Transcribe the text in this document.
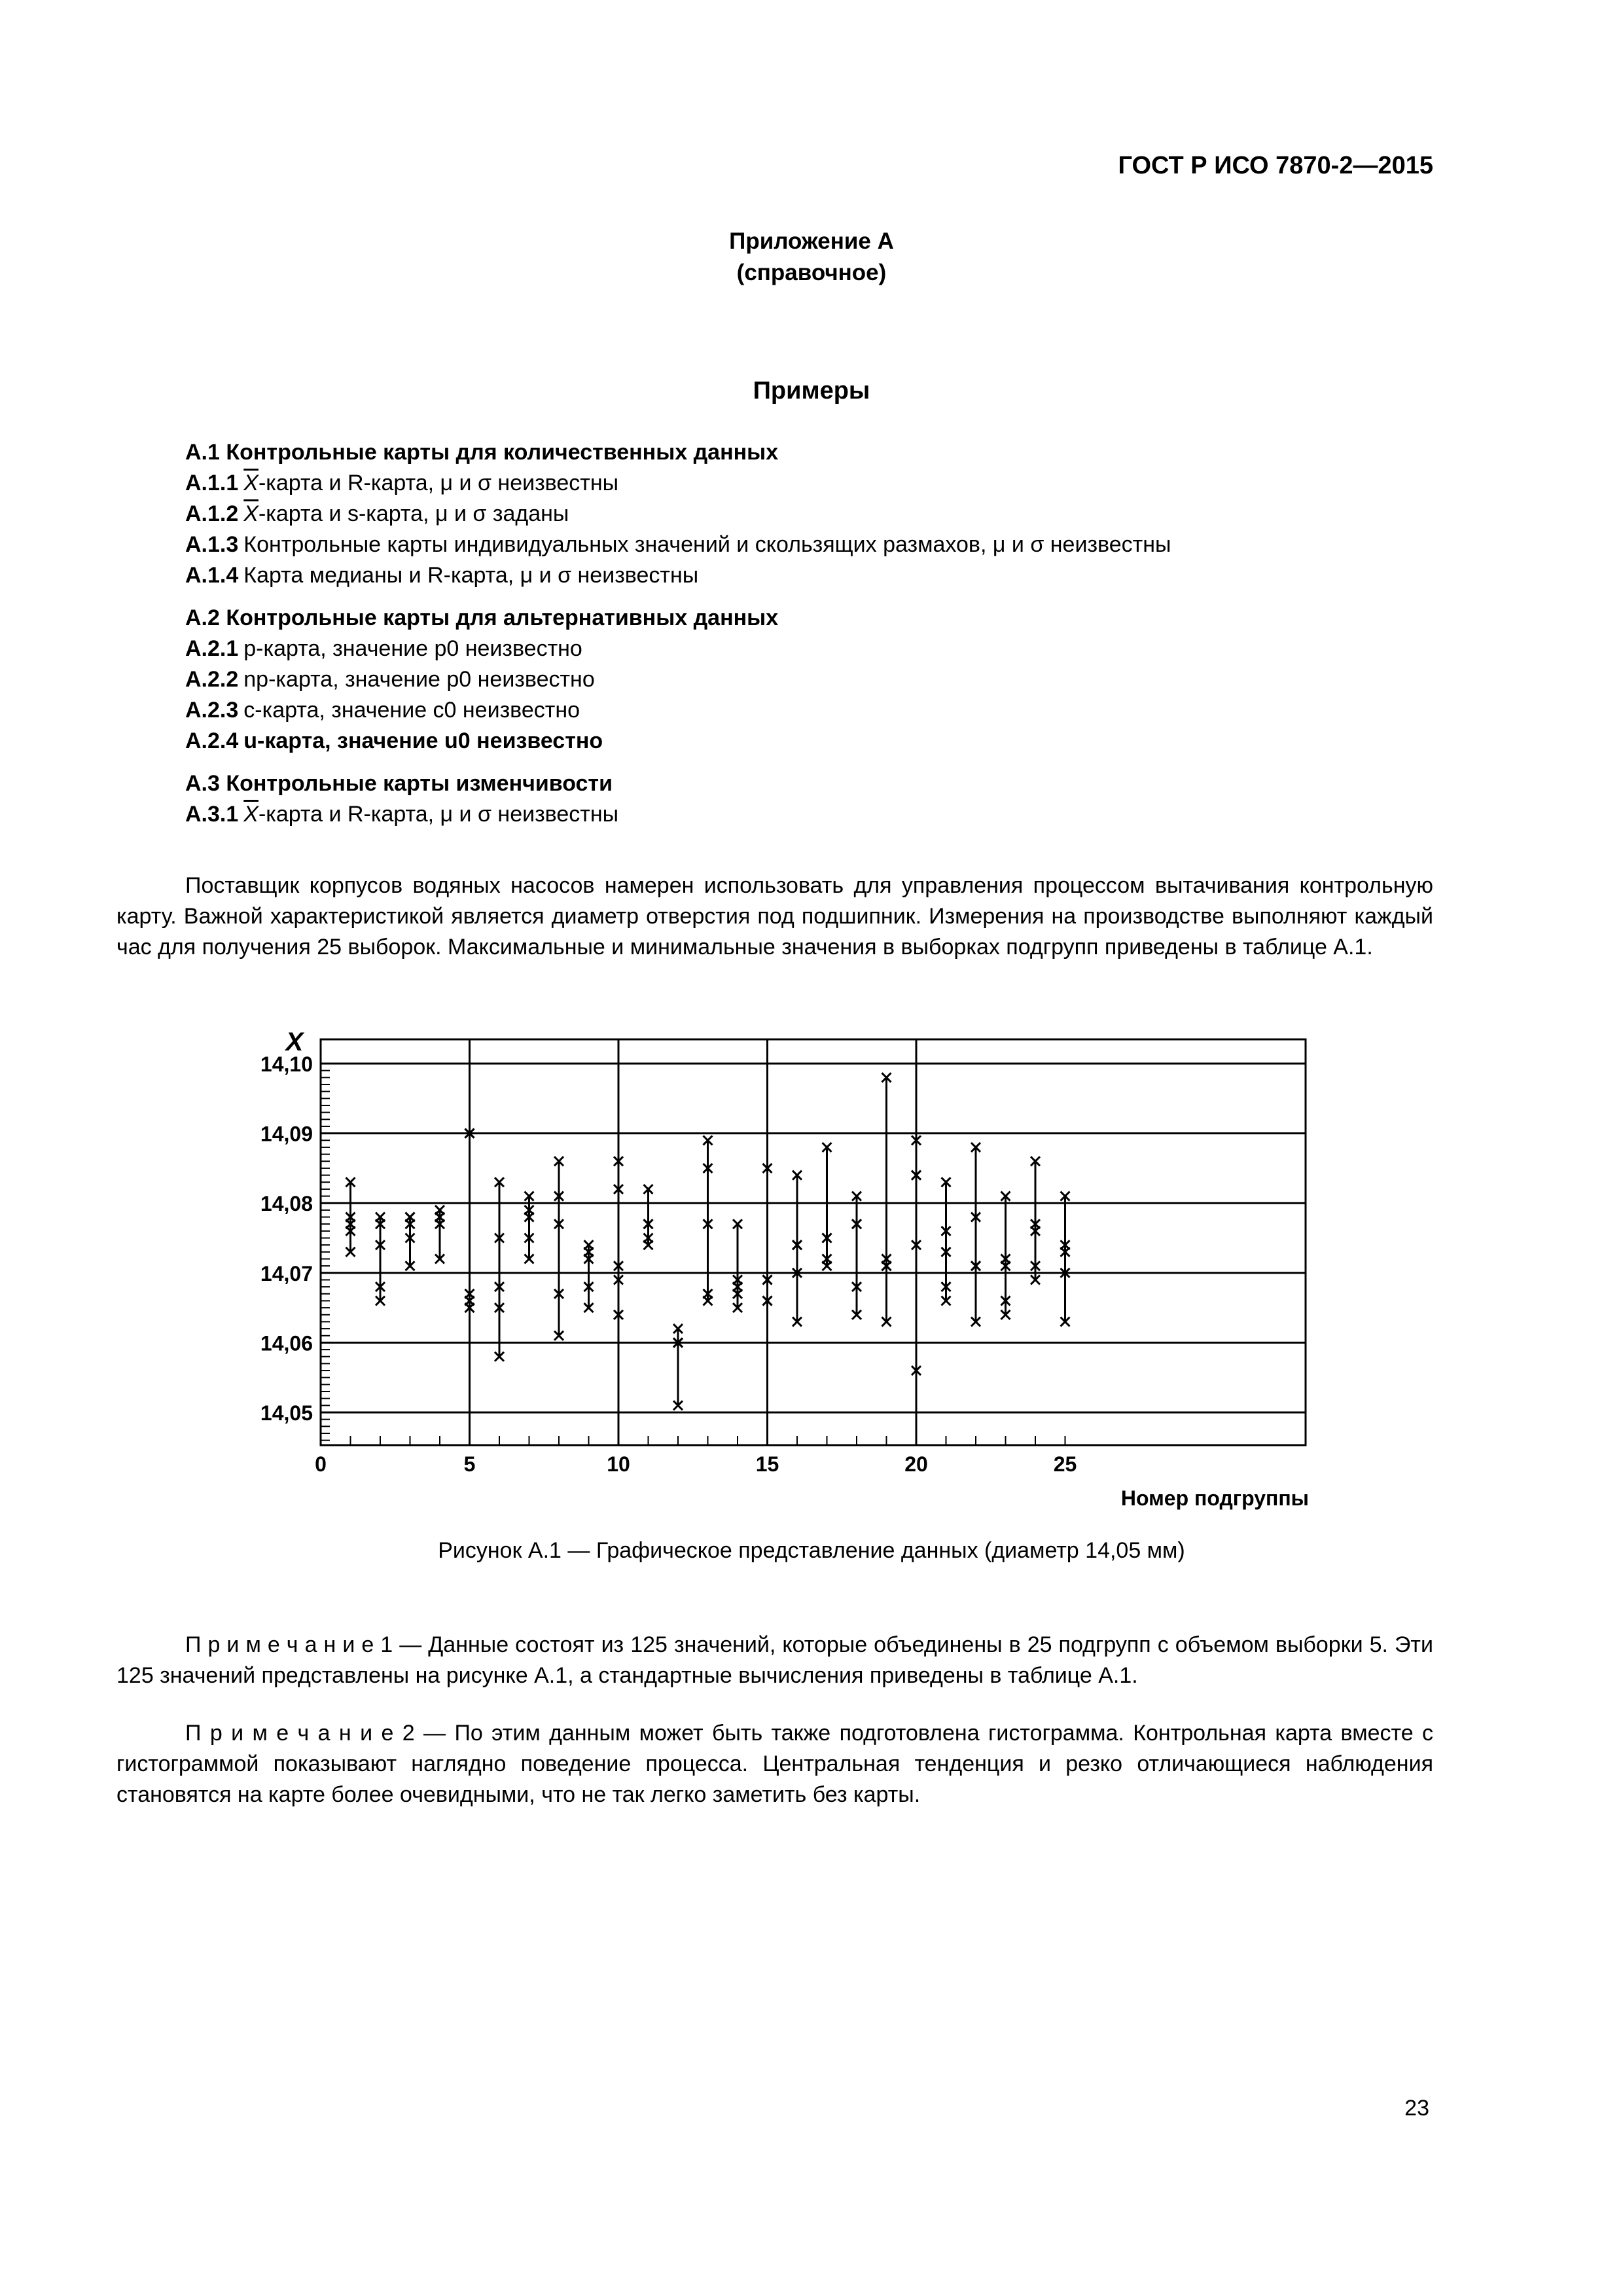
ГОСТ Р ИСО 7870-2—2015
Приложение А
(справочное)
Примеры
А.1 Контрольные карты для количественных данных
А.1.1 $\overline{X}$-карта и R-карта, μ и σ неизвестны
А.1.2 $\overline{X}$-карта и s-карта, μ и σ заданы
А.1.3 Контрольные карты индивидуальных значений и скользящих размахов, μ и σ неизвестны
А.1.4 Карта медианы и R-карта, μ и σ неизвестны
А.2 Контрольные карты для альтернативных данных
А.2.1 p-карта, значение p0 неизвестно
А.2.2 np-карта, значение p0 неизвестно
А.2.3 c-карта, значение c0 неизвестно
А.2.4 u-карта, значение u0 неизвестно
А.3 Контрольные карты изменчивости
А.3.1 $\overline{X}$-карта и R-карта, μ и σ неизвестны
Поставщик корпусов водяных насосов намерен использовать для управления процессом вытачивания контрольную карту. Важной характеристикой является диаметр отверстия под подшипник. Измерения на производстве выполняют каждый час для получения 25 выборок. Максимальные и минимальные значения в выборках подгрупп приведены в таблице А.1.
14,05
14,06
14,07
14,08
14,09
14,10
0	5	10	15	20	25
X
Номер подгруппы
Рисунок А.1 — Графическое представление данных (диаметр 14,05 мм)
П р и м е ч а н и е 1 — Данные состоят из 125 значений, которые объединены в 25 подгрупп с объемом выборки 5. Эти 125 значений представлены на рисунке А.1, а стандартные вычисления приведены в таблице А.1.
П р и м е ч а н и е 2 — По этим данным может быть также подготовлена гистограмма. Контрольная карта вместе с гистограммой показывают наглядно поведение процесса. Центральная тенденция и резко отличающиеся наблюдения становятся на карте более очевидными, что не так легко заметить без карты.
23
